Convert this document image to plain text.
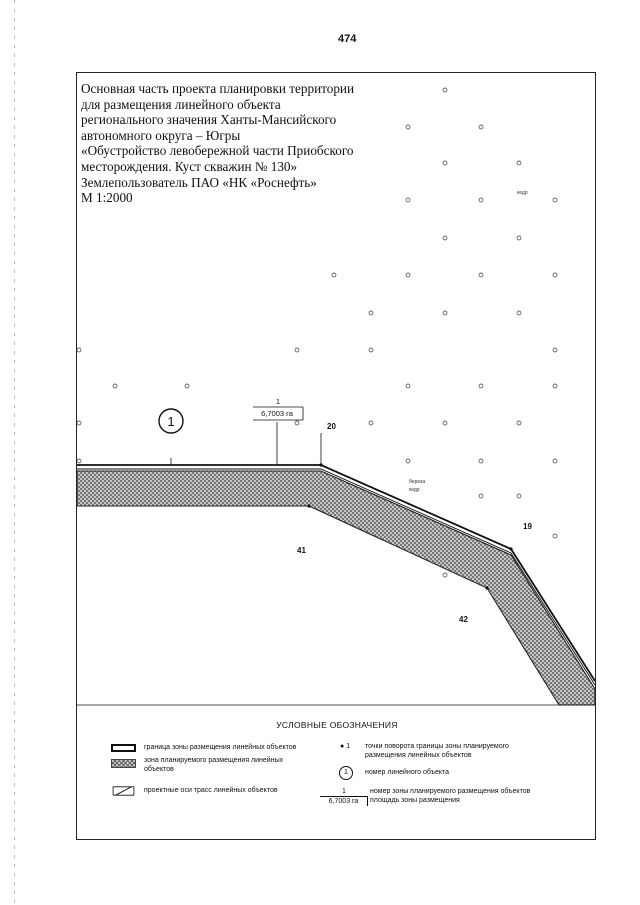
474
20
41
19
42
кедр
береза
кедр
1
1
6,7003 га
Основная часть проекта планировки территории
для размещения линейного объекта
регионального значения Ханты-Мансийского
автономного округа – Югры
«Обустройство левобережной части Приобского
месторождения. Куст скважин № 130»
Землепользователь ПАО «НК «Роснефть»
М 1:2000
УСЛОВНЫЕ ОБОЗНАЧЕНИЯ
граница зоны размещения линейных объектов
зона планируемого размещения линейных
объектов
проектные оси трасс линейных объектов
● 1 точки поворота границы зоны планируемого
размещения линейных объектов
1	номер линейного объекта
1
6,7003 га
номер зоны планируемого размещения объектов
площадь зоны размещения
